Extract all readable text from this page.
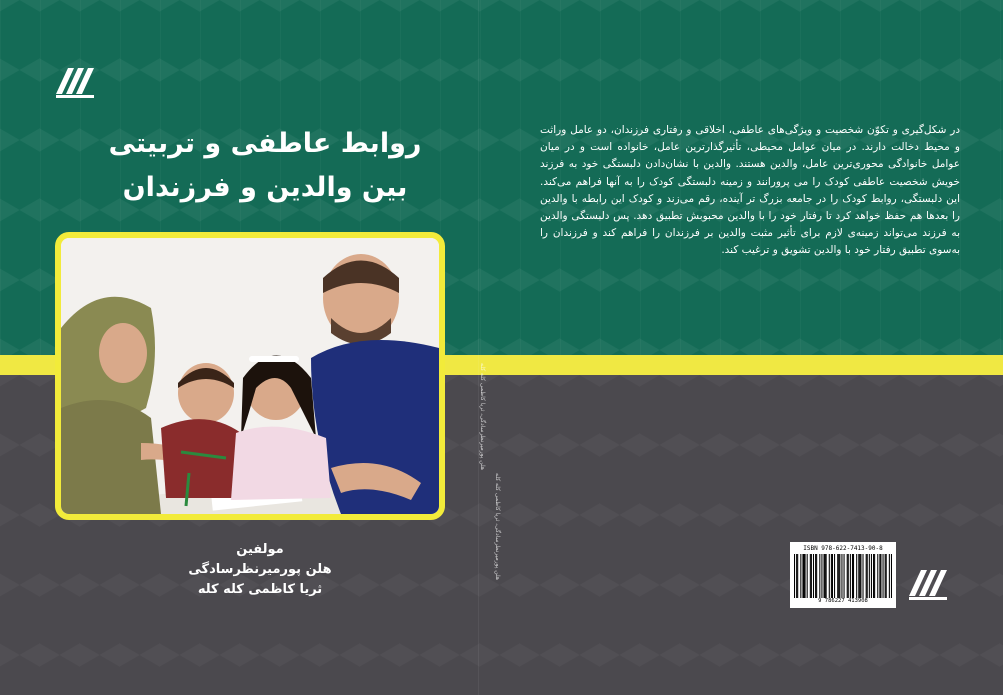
روابط عاطفی و تربیتی
بین والدین و فرزندان
هلن پورمیرنظرسادگی، ثریا کاظمی کله کله
هلن پورمیرنظرسادگی، ثریا کاظمی کله کله
مولفین
هلن پورمیرنظرسادگی
ثریا کاظمی کله کله
در شکل‌گیری و تکوّن شخصیت و ویژگی‌های عاطفی، اخلاقی و رفتاری فرزندان، دو عامل وراثت و محیط دخالت دارند. در میان عوامل محیطی، تأثیرگذارترین عامل، خانواده است و در میان عوامل خانوادگی محوری‌ترین عامل، والدین هستند. والدین با نشان‌دادن دلبستگی خود به فرزند خویش شخصیت عاطفی کودک را می پرورانند و زمینه دلبستگی کودک را به آنها فراهم می‌کند. این دلبستگی، روابط کودک را در جامعه بزرگ تر آینده، رقم می‌زند و کودک این رابطه با والدین را بعدها هم حفظ خواهد کرد تا رفتار خود را با والدین محبوبش تطبیق دهد. پس دلبستگی والدین به فرزند می‌تواند زمینه‌ی لازم برای تأثیر مثبت والدین بر فرزندان را فراهم کند و فرزندان را به‌سوی تطبیق رفتار خود با والدین تشویق و ترغیب کند.
ISBN 978-622-7413-90-8
9 786227 413908
